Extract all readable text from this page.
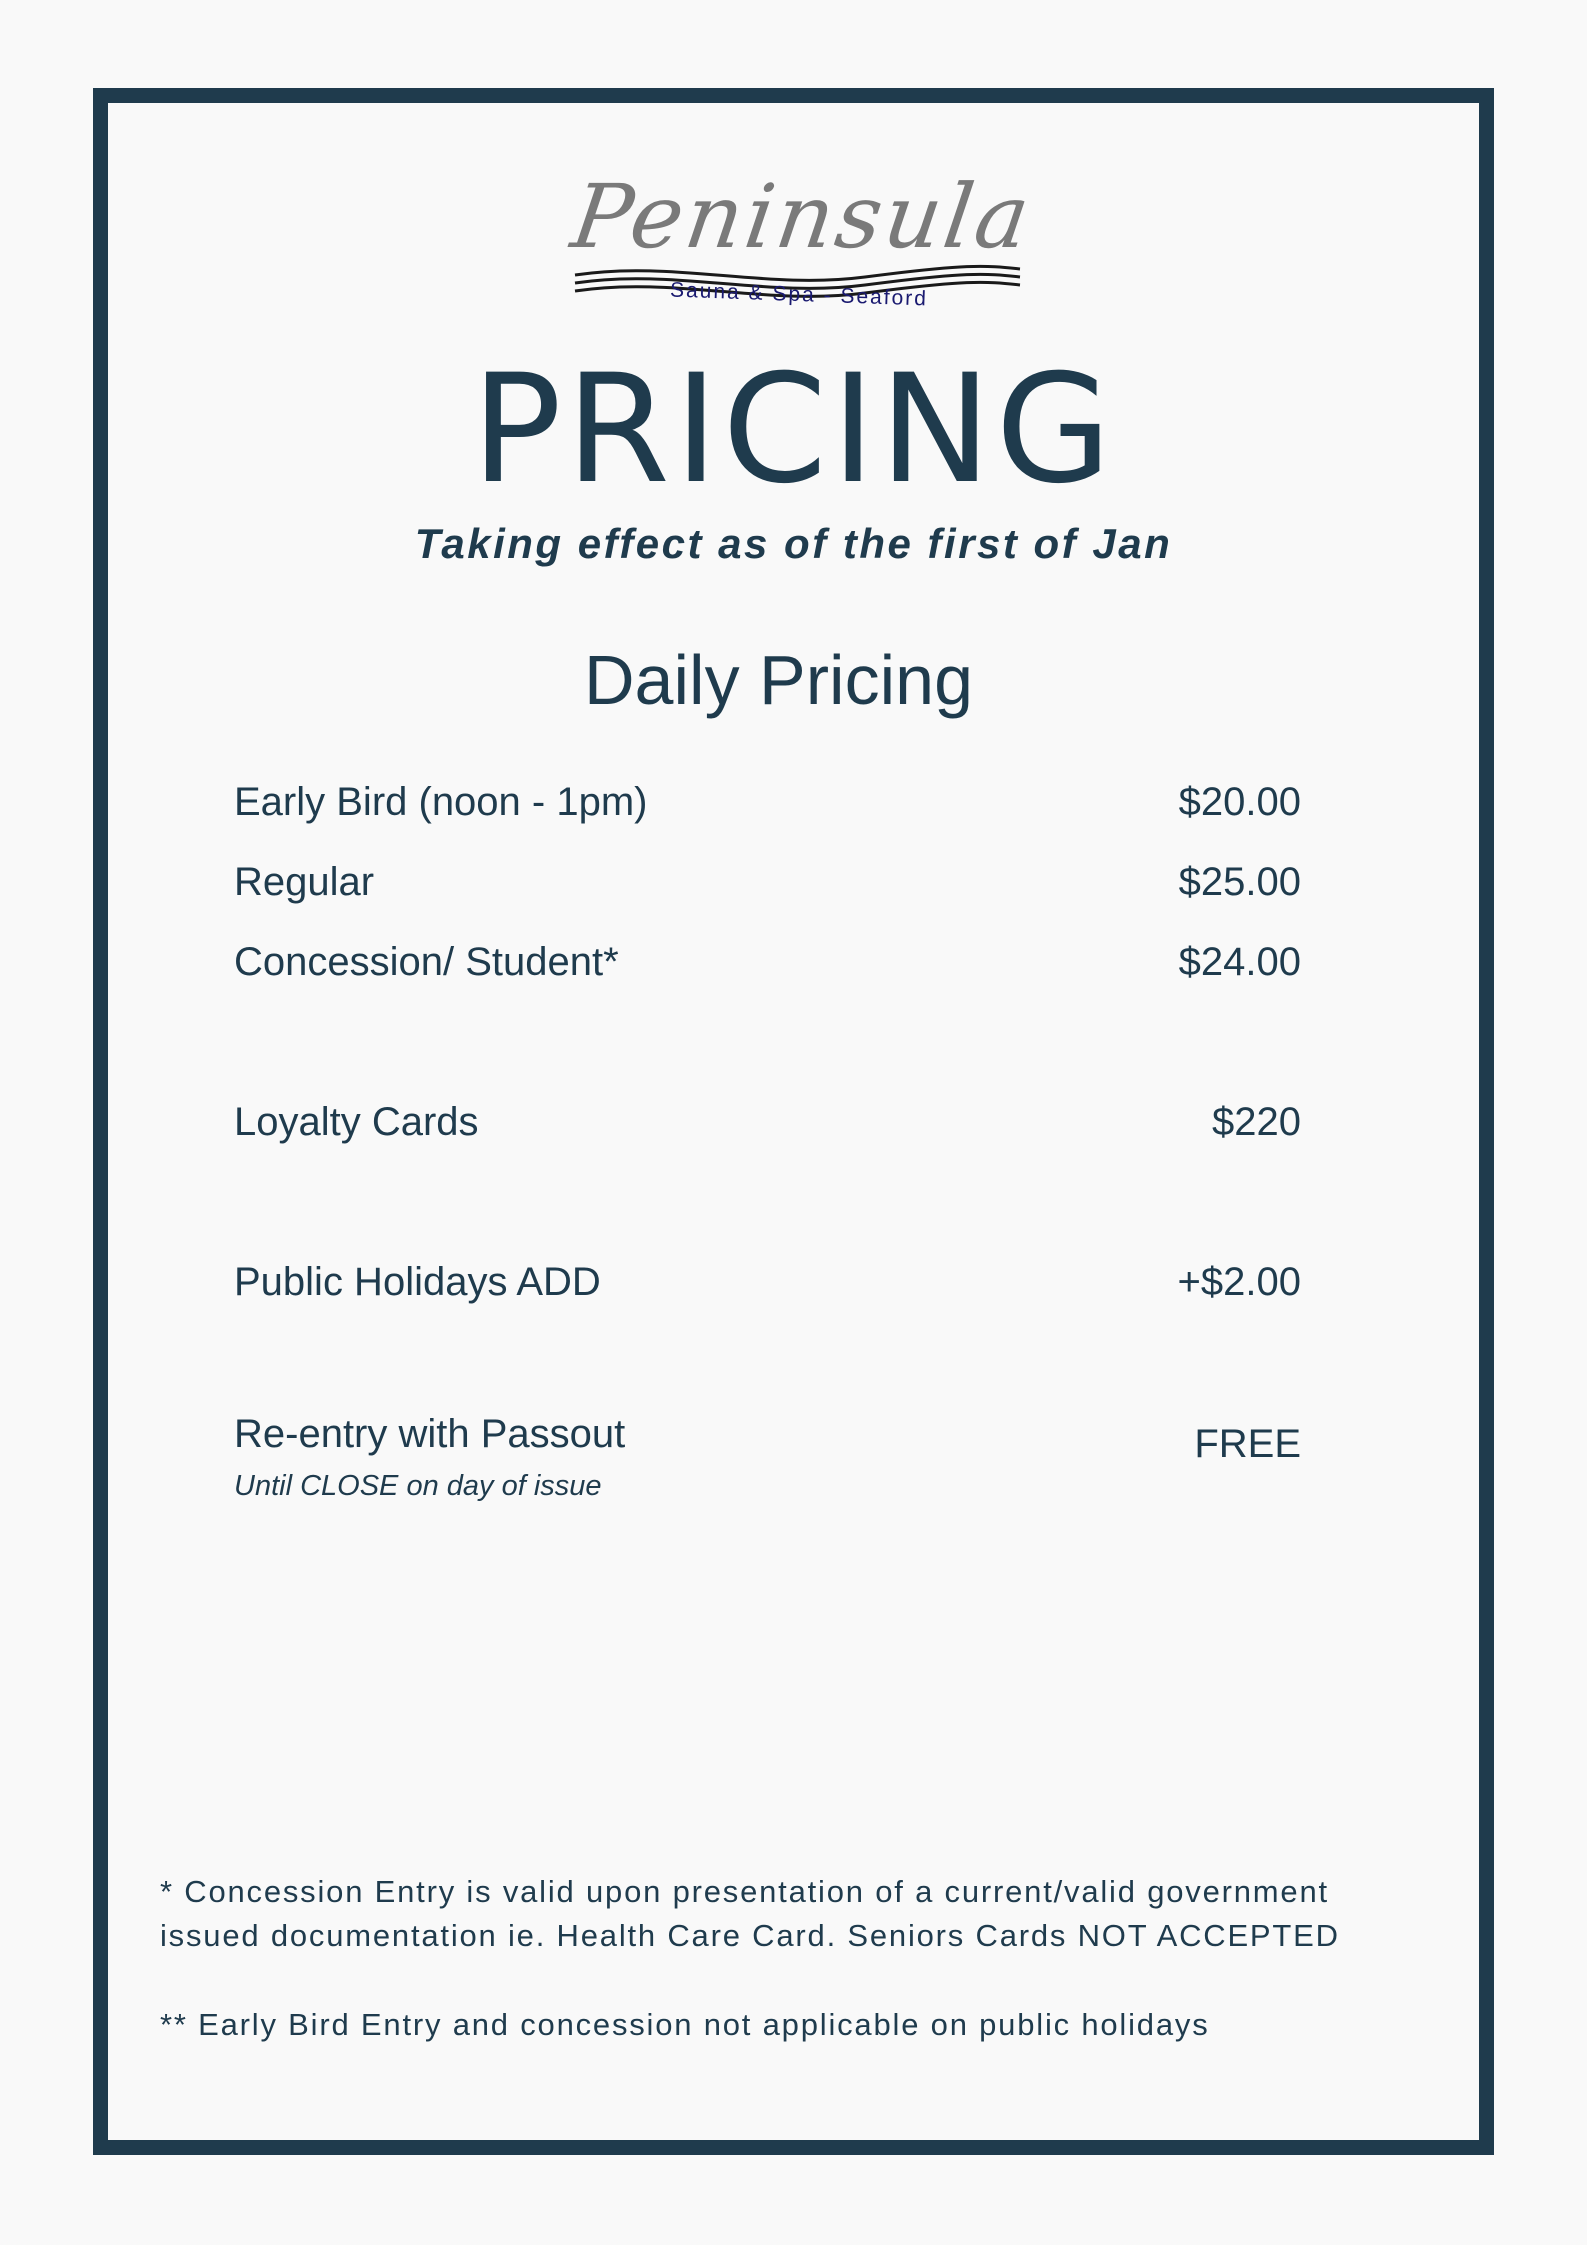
Peninsula
Sauna & Spa - Seaford
PRICING
Taking effect as of the first of Jan
Daily Pricing
Early Bird (noon - 1pm)	$20.00
Regular	$25.00
Concession/ Student*	$24.00
Loyalty Cards	$220
Public Holidays ADD	+$2.00
Re-entry with Passout	FREE
Until CLOSE on day of issue
* Concession Entry is valid upon presentation of a current/valid government issued documentation ie. Health Care Card. Seniors Cards NOT ACCEPTED
** Early Bird Entry and concession not applicable on public holidays
